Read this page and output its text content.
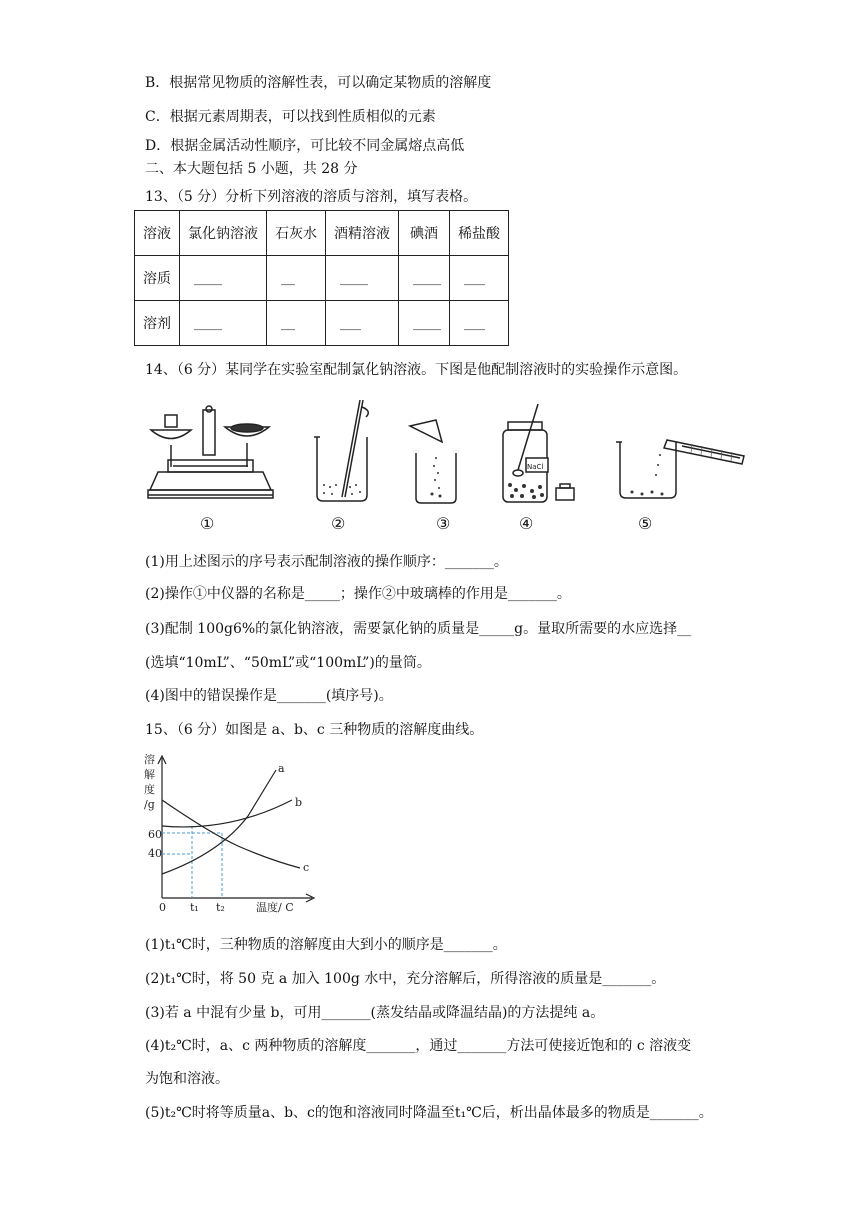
B．根据常见物质的溶解性表，可以确定某物质的溶解度
C．根据元素周期表，可以找到性质相似的元素
D．根据金属活动性顺序，可比较不同金属熔点高低
二、本大题包括 5 小题，共 28 分
13、（5 分）分析下列溶液的溶质与溶剂，填写表格。
溶液	氯化钠溶液	石灰水	酒精溶液	碘酒	稀盐酸
溶质	____	__	____	____	___
溶剂	____	__	___	____	___
14、（6 分）某同学在实验室配制氯化钠溶液。下图是他配制溶液时的实验操作示意图。
NaCl
①	②	③	④	⑤
(1)用上述图示的序号表示配制溶液的操作顺序：_______。
(2)操作①中仪器的名称是_____；操作②中玻璃棒的作用是_______。
(3)配制 100g6%的氯化钠溶液，需要氯化钠的质量是_____g。量取所需要的水应选择__
(选填“10mL”、“50mL”或“100mL”)的量筒。
(4)图中的错误操作是_______(填序号)。
15、（6 分）如图是 a、b、c 三种物质的溶解度曲线。
溶
解
度
/g
60
40
0 t₁ t₂	温度/ C
a
b
c
(1)t₁℃时，三种物质的溶解度由大到小的顺序是_______。
(2)t₁℃时，将 50 克 a 加入 100g 水中，充分溶解后，所得溶液的质量是_______。
(3)若 a 中混有少量 b，可用_______(蒸发结晶或降温结晶)的方法提纯 a。
(4)t₂℃时，a、c 两种物质的溶解度_______，通过_______方法可使接近饱和的 c 溶液变
为饱和溶液。
(5)t₂℃时将等质量a、b、c的饱和溶液同时降温至t₁℃后，析出晶体最多的物质是_______。
